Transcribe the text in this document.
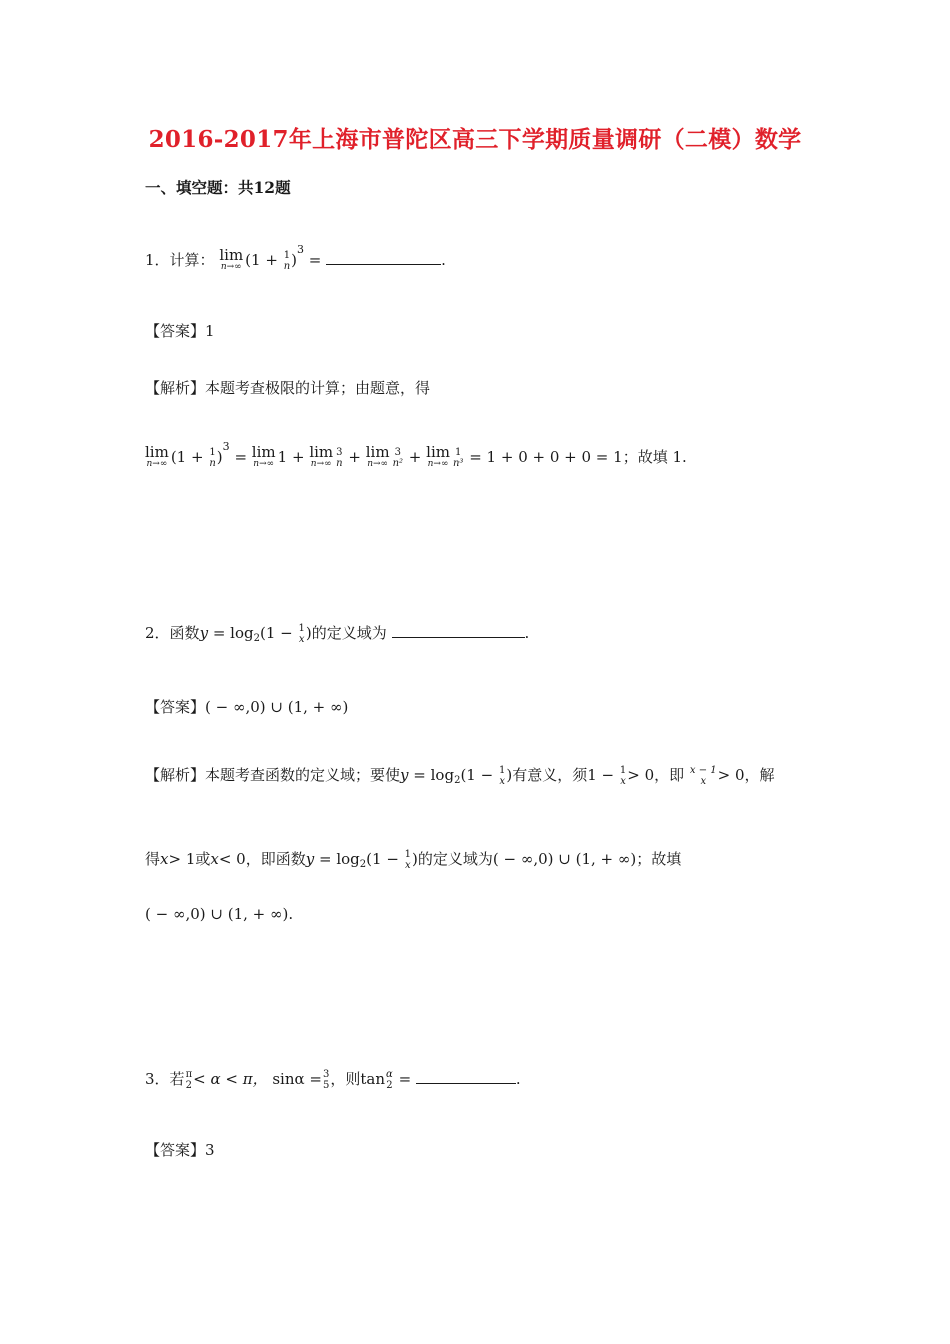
2016-2017年上海市普陀区高三下学期质量调研（二模）数学
一、填空题：共12题
1．计算： lim
n→∞ (1 + 1
n )$^3$ =	.
【答案】1
【解析】本题考查极限的计算；由题意，得
lim
n→∞ (1 + 1
n )$^3$ = lim
n→∞ 1 + lim
n→∞
3
n + lim
n→∞
3
n² + lim
n→∞
1
n³ = 1 + 0 + 0 + 0 = 1；故填 1.
2．函数$y = \log_2(1 - 1$
x )的定义域为	.
【答案】( − ∞,0) ∪ (1, + ∞)
【解析】本题考查函数的定义域；要使$y = \log_2(1 - 1$
x )有意义，须1 − 1
x > 0，即 x − 1
x > 0，解
得x> 1或x< 0，即函数$y = \log_2(1 - 1$
x )的定义域为( − ∞,0) ∪ (1, + ∞)；故填
( − ∞,0) ∪ (1, + ∞).
3．若 π
2 < α < π， sinα = 3
5 ，则tan α
2 =	.
【答案】3
